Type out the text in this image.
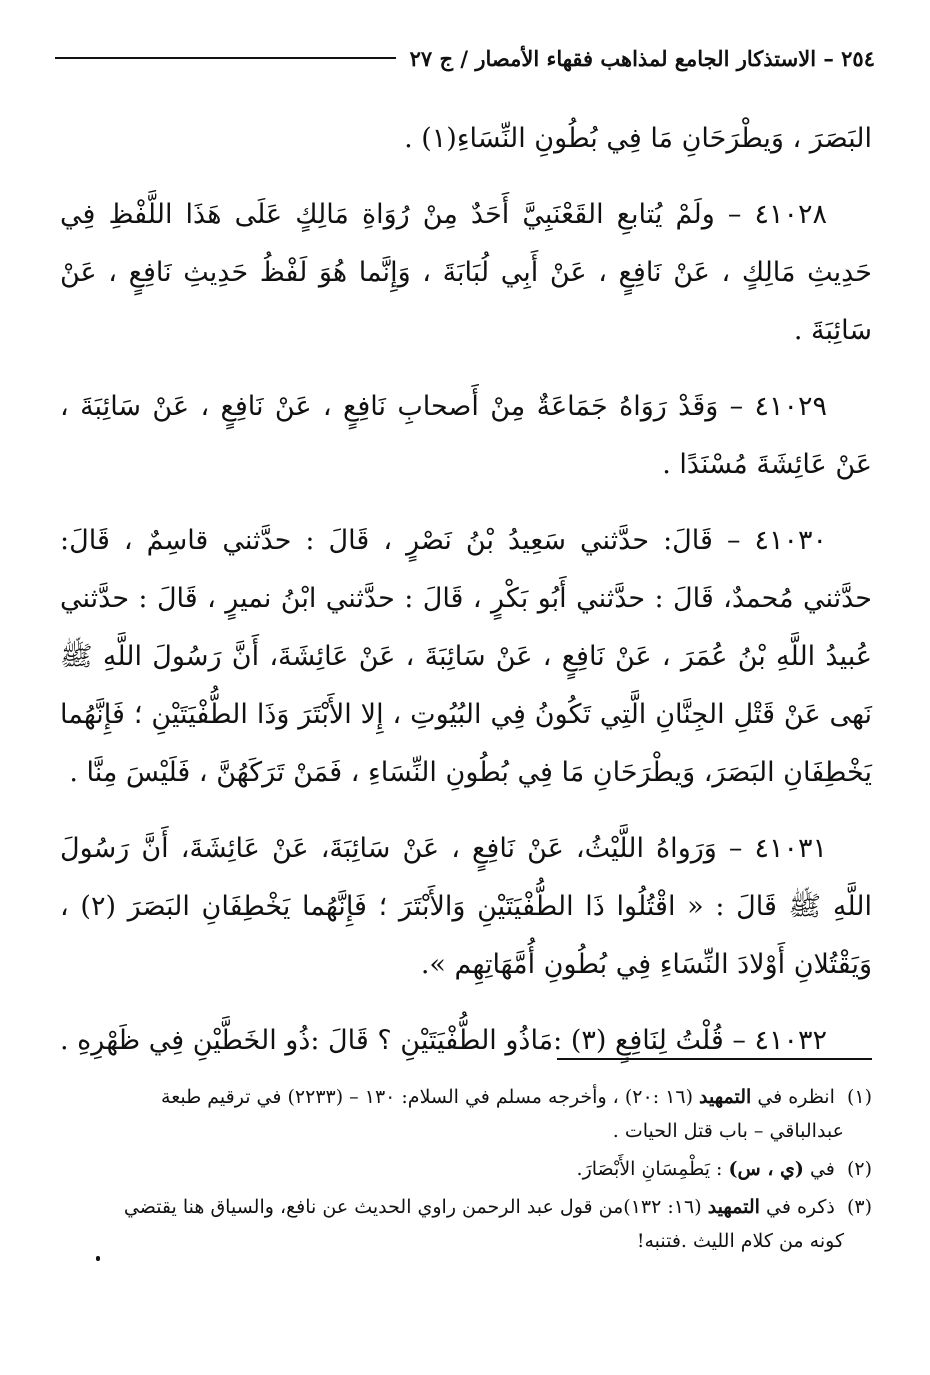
٢٥٤ – الاستذكار الجامع لمذاهب فقهاء الأمصار / ج ٢٧

البَصَرَ ، وَيطْرَحَانِ مَا فِي بُطُونِ النِّسَاءِ(١) .

٤١٠٢٨ – ولَمْ يُتابعِ القَعْنَبِيَّ أَحَدٌ مِنْ رُوَاةِ مَالِكٍ عَلَى هَذَا اللَّفْظِ فِي حَدِيثِ مَالِكٍ ، عَنْ نَافِعٍ ، عَنْ أَبِي لُبَابَةَ ، وَإِنَّما هُوَ لَفْظُ حَدِيثِ نَافِعٍ ، عَنْ سَائِبَةَ .

٤١٠٢٩ – وَقَدْ رَوَاهُ جَمَاعَةٌ مِنْ أَصحابِ نَافِعٍ ، عَنْ نَافِعٍ ، عَنْ سَائِبَةَ ، عَنْ عَائِشَةَ مُسْنَدًا .

٤١٠٣٠ – قَالَ: حدَّثني سَعِيدُ بْنُ نَصْرٍ ، قَالَ : حدَّثني قاسِمٌ ، قَالَ: حدَّثني مُحمدٌ، قَالَ : حدَّثني أَبُو بَكْرٍ ، قَالَ : حدَّثني ابْنُ نميرٍ ، قَالَ : حدَّثني عُبيدُ اللَّهِ بْنُ عُمَرَ ، عَنْ نَافِعٍ ، عَنْ سَائِبَةَ ، عَنْ عَائِشَةَ، أَنَّ رَسُولَ اللَّهِ ﷺ نَهى عَنْ قَتْلِ الجِنَّانِ الَّتِي تَكُونُ فِي البُيُوتِ ، إِلا الأَبْتَرَ وَذَا الطُّفْيَتَيْنِ ؛ فَإِنَّهُما يَخْطِفَانِ البَصَرَ، وَيطْرَحَانِ مَا فِي بُطُونِ النِّسَاءِ ، فَمَنْ تَرَكَهُنَّ ، فَلَيْسَ مِنَّا .

٤١٠٣١ – وَرَواهُ اللَّيْثُ، عَنْ نَافِعٍ ، عَنْ سَائِبَةَ، عَنْ عَائِشَةَ، أَنَّ رَسُولَ اللَّهِ ﷺ قَالَ : « اقْتُلُوا ذَا الطُّفْيَتَيْنِ وَالأَبْتَرَ ؛ فَإِنَّهُما يَخْطِفَانِ البَصَرَ (٢) ، وَيَقْتُلانِ أَوْلادَ النِّسَاءِ فِي بُطُونِ أُمَّهَاتِهِم ».

٤١٠٣٢ – قُلْتُ لِنَافِعٍ (٣) :مَاذُو الطُّفْيَتَيْنِ ؟ قَالَ :ذُو الخَطَّيْنِ فِي ظَهْرِهِ .

(١) انظره في التمهيد (١٦ :٢٠) ، وأخرجه مسلم في السلام: ١٣٠ – (٢٢٣٣) في ترقيم طبعة
عبدالباقي – باب قتل الحيات .
(٢) في (ي ، س) : يَطْمِسَانِ الأَبْصَارَ.
(٣) ذكره في التمهيد (١٦: ١٣٢)من قول عبد الرحمن راوي الحديث عن نافع، والسياق هنا يقتضي
كونه من كلام الليث .فتنبه!
